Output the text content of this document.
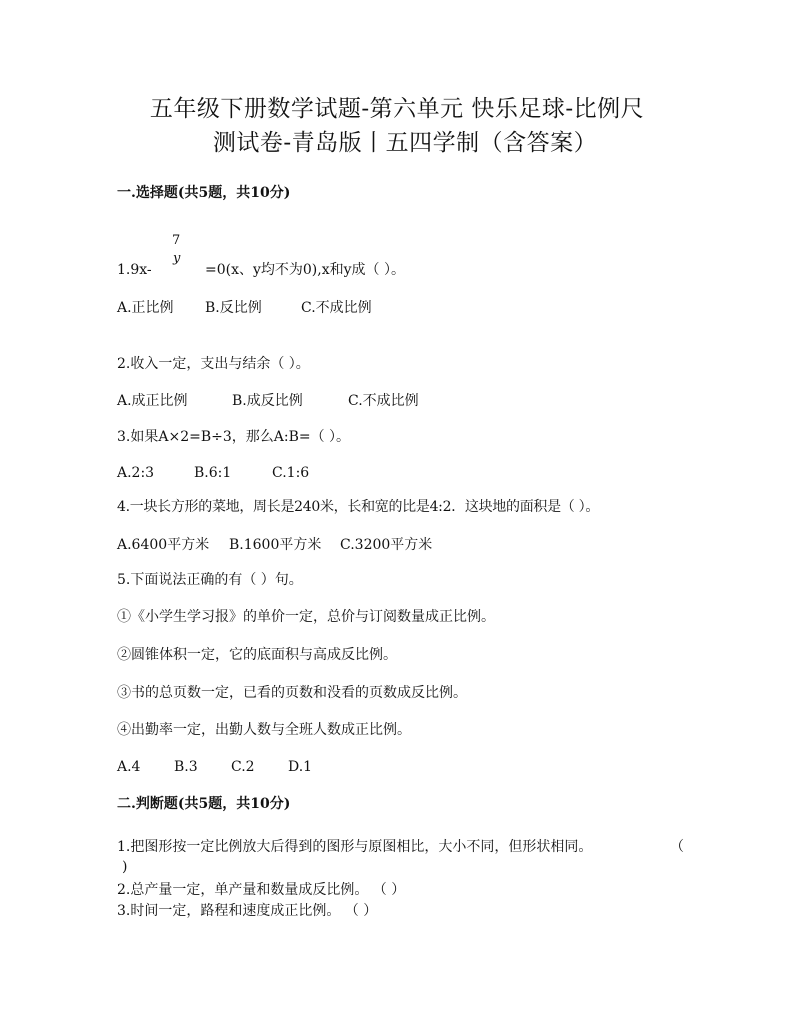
五年级下册数学试题-第六单元 快乐足球-比例尺
测试卷-青岛版丨五四学制（含答案）
一.选择题(共5题，共10分)
7
y
1.9x-	=0(x、y均不为0),x和y成（ ）。
A.正比例 B.反比例	C.不成比例
2.收入一定，支出与结余（ ）。
A.成正比例	B.成反比例	C.不成比例
3.如果A×2=B÷3，那么A:B=（ ）。
A.2:3	B.6:1	C.1:6
4.一块长方形的菜地，周长是240米，长和宽的比是4:2．这块地的面积是（ ）。
A.6400平方米 B.1600平方米 C.3200平方米
5.下面说法正确的有（ ）句。
①《小学生学习报》的单价一定，总价与订阅数量成正比例。
②圆锥体积一定，它的底面积与高成反比例。
③书的总页数一定，已看的页数和没看的页数成反比例。
④出勤率一定，出勤人数与全班人数成正比例。
A.4 B.3 C.2 D.1
二.判断题(共5题，共10分)
1.把图形按一定比例放大后得到的图形与原图相比，大小不同，但形状相同。	（
)
2.总产量一定，单产量和数量成反比例。 （ ）
3.时间一定，路程和速度成正比例。 （ ）
